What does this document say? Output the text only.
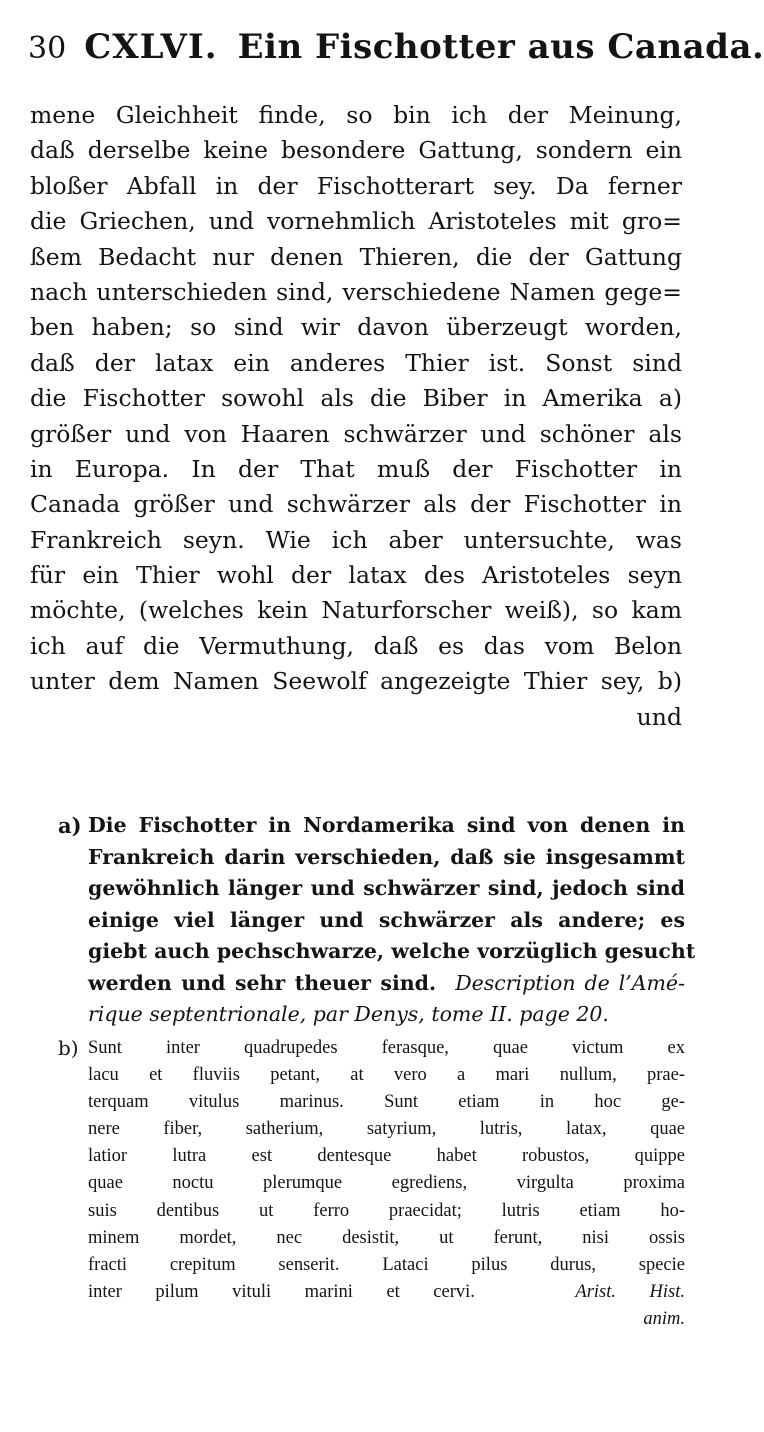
30 CXLVI. Ein Fischotter aus Canada.
mene Gleichheit finde, so bin ich der Meinung,
daß derselbe keine besondere Gattung, sondern ein
bloßer Abfall in der Fischotterart sey. Da ferner
die Griechen, und vornehmlich Aristoteles mit gro=
ßem Bedacht nur denen Thieren, die der Gattung
nach unterschieden sind, verschiedene Namen gege=
ben haben; so sind wir davon überzeugt worden,
daß der latax ein anderes Thier ist. Sonst sind
die Fischotter sowohl als die Biber in Amerika a)
größer und von Haaren schwärzer und schöner als
in Europa. In der That muß der Fischotter in
Canada größer und schwärzer als der Fischotter in
Frankreich seyn. Wie ich aber untersuchte, was
für ein Thier wohl der latax des Aristoteles seyn
möchte, (welches kein Naturforscher weiß), so kam
ich auf die Vermuthung, daß es das vom Belon
unter dem Namen Seewolf angezeigte Thier sey, b)
und
a) Die Fischotter in Nordamerika sind von denen in
Frankreich darin verschieden, daß sie insgesammt
gewöhnlich länger und schwärzer sind, jedoch sind
einige viel länger und schwärzer als andere; es
giebt auch pechschwarze, welche vorzüglich gesucht
werden und sehr theuer sind. Description de l’Amé-
rique septentrionale, par Denys, tome II. page 20.
b) Sunt inter quadrupedes ferasque, quae victum ex
lacu et fluviis petant, at vero a mari nullum, prae-
terquam vitulus marinus. Sunt etiam in hoc ge-
nere fiber, satherium, satyrium, lutris, latax, quae
latior lutra est dentesque habet robustos, quippe
quae noctu plerumque egrediens, virgulta proxima
suis dentibus ut ferro praecidat; lutris etiam ho-
minem mordet, nec desistit, ut ferunt, nisi ossis
fracti crepitum senserit. Lataci pilus durus, specie
inter pilum vituli marini et cervi.	Arist. Hist.
anim.
